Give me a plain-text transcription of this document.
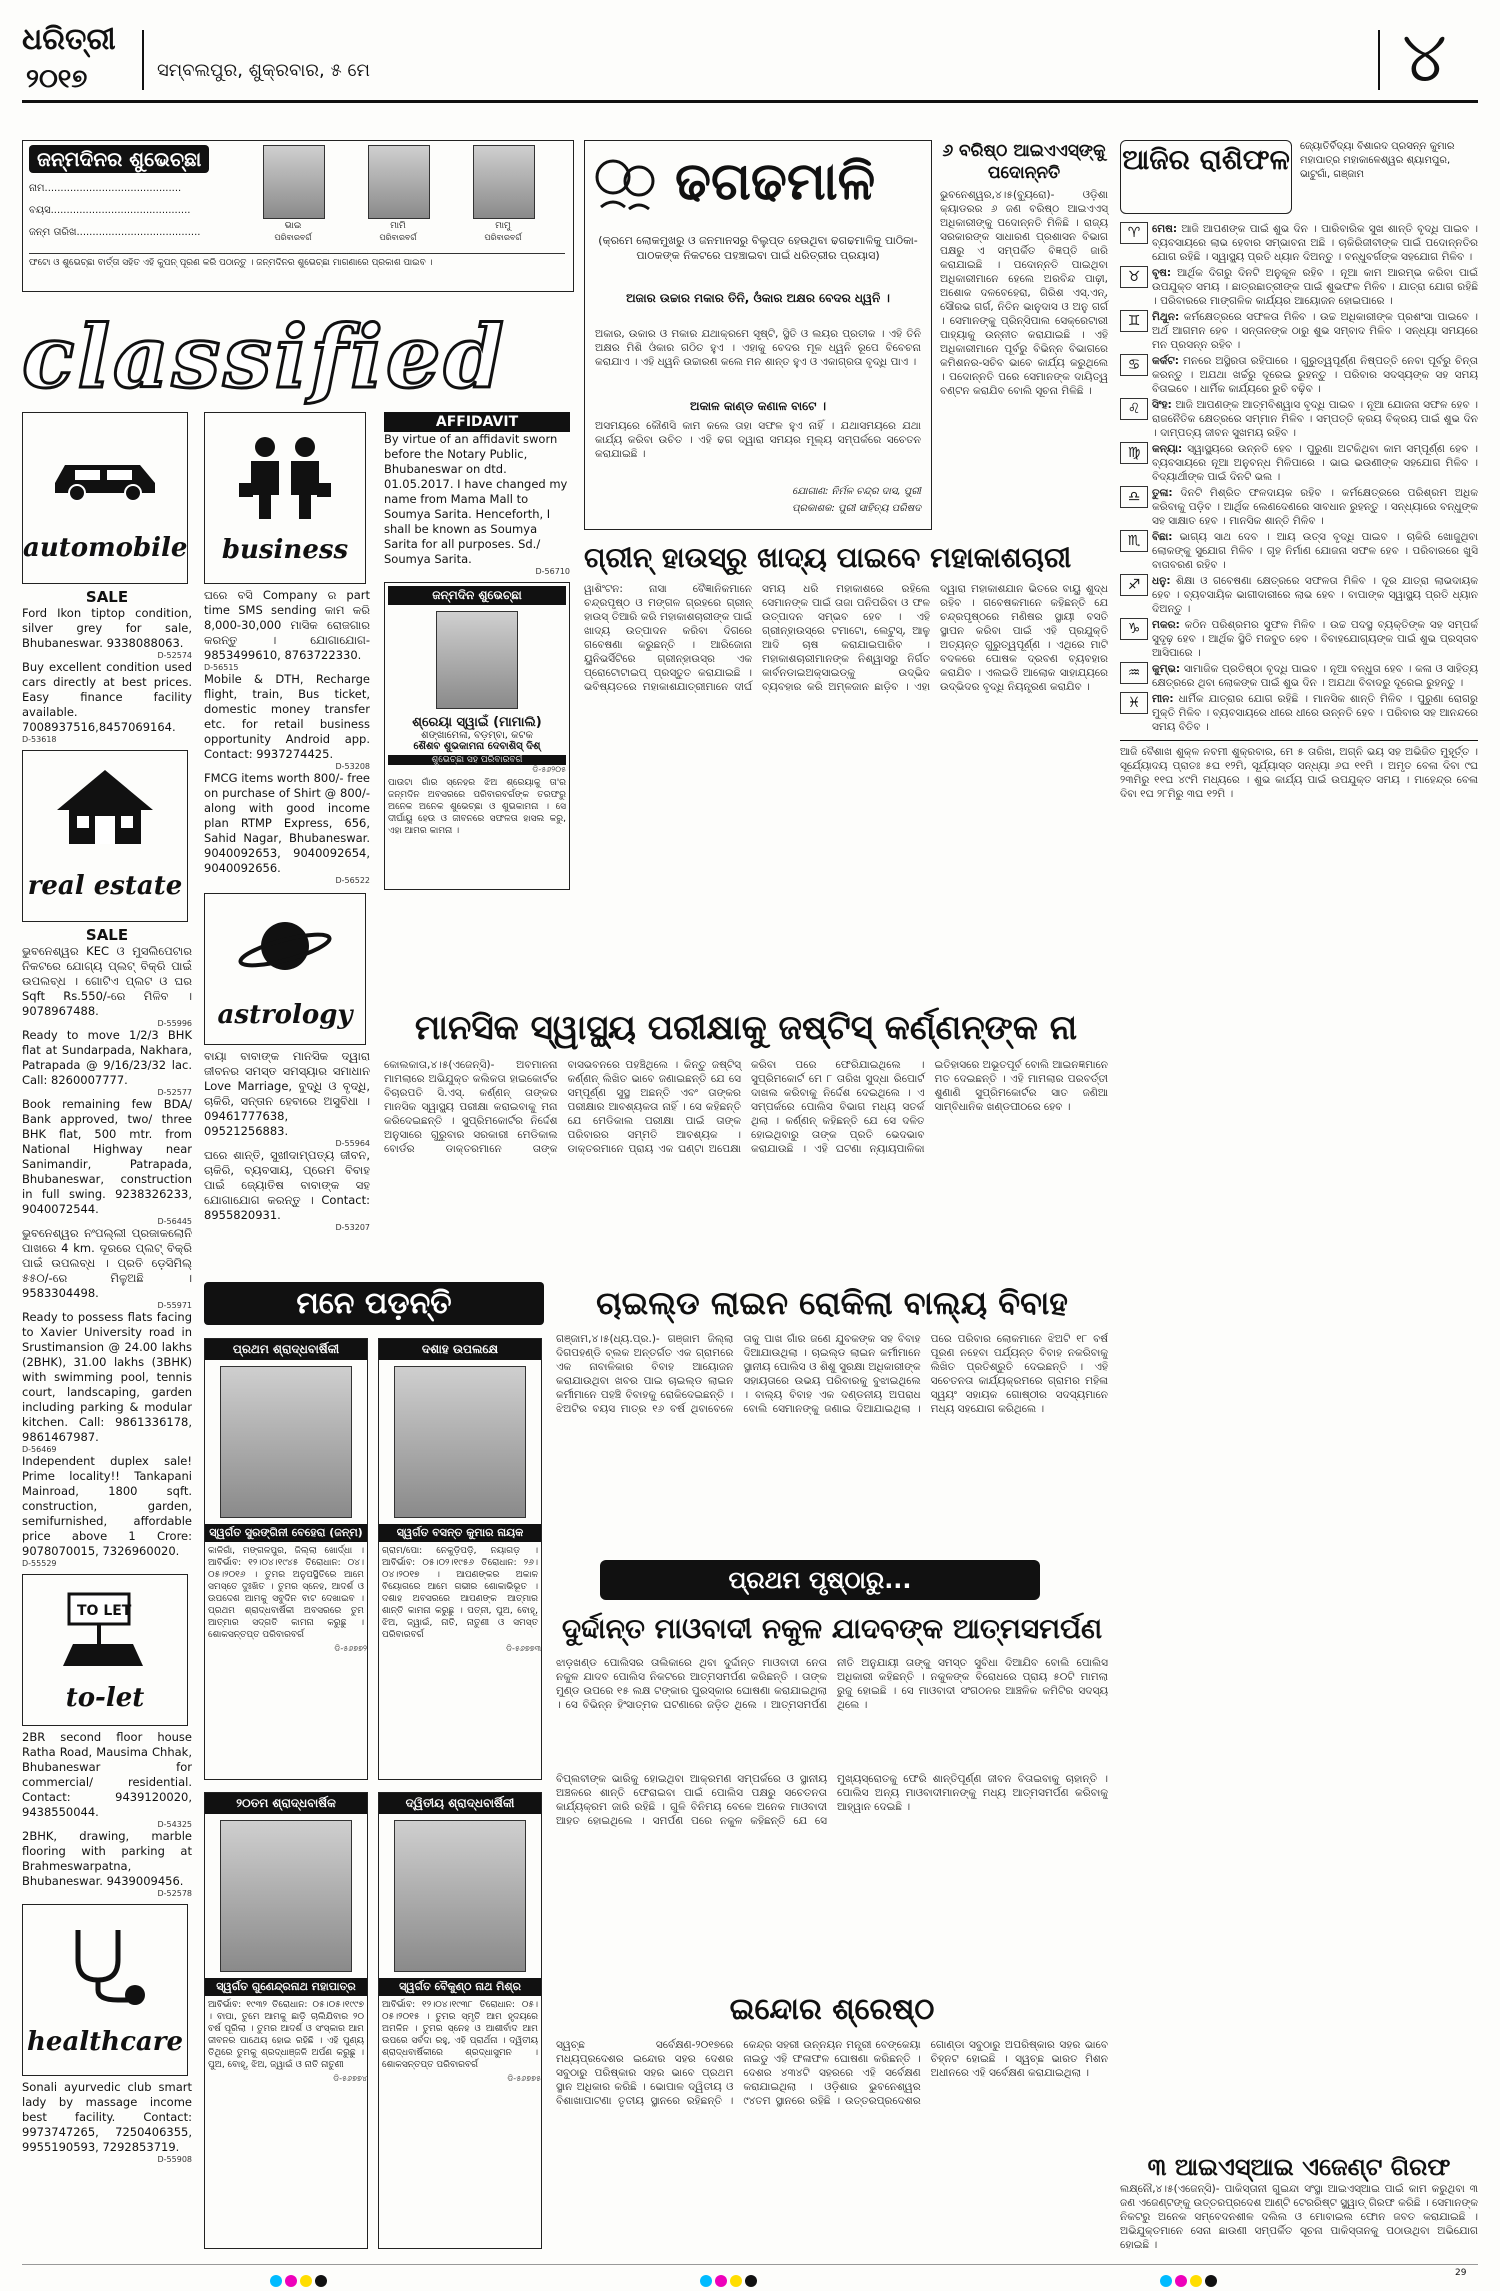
ଧରିତ୍ରୀ
୨୦୧୭	ସମ୍ବଲପୁର, ଶୁକ୍ରବାର, ୫ ମେ	୪
ଜନ୍ମଦିନର ଶୁଭେଚ୍ଛା
ନାମ...........................................
ବୟସ............................................
ଜନ୍ମ ତାରିଖ.......................................
ଭାଇ
ପରିବାରବର୍ଗ
ମାମି
ପରିବାରବର୍ଗ
ମାମୁ
ପରିବାରବର୍ଗ
ଫଟୋ ଓ ଶୁଭେଚ୍ଛା ବାର୍ତ୍ତା ସହିତ ଏହି କୁପନ୍ ପୂରଣ କରି ପଠାନ୍ତୁ । ଜନ୍ମଦିନର ଶୁଭେଚ୍ଛା ମାଗଣାରେ ପ୍ରକାଶ ପାଇବ ।
classified
automobile
SALE
Ford Ikon tiptop condition, silver grey for sale, Bhubaneswar. 9338088063.
D-52574
Buy excellent condition used cars directly at best prices. Easy finance facility available. 7008937516,8457069164.
D-53618
real estate
SALE
ଭୁବନେଶ୍ୱର KEC ଓ ମୁସଲିପେଟାର ନିକଟରେ ଯୋଗ୍ୟ ପ୍ଲଟ୍ ବିକ୍ରି ପାଇଁ ଉପଲବ୍ଧ । ଗୋଟିଏ ପ୍ଲଟ ଓ ଘର Sqft Rs.550/-ରେ ମିଳିବ । 9078967488.
D-55996
Ready to move 1/2/3 BHK flat at Sundarpada, Nakhara, Patrapada @ 9/16/23/32 lac. Call: 8260007777.
D-52577
Book remaining few BDA/ Bank approved, two/ three BHK flat, 500 mtr. from National Highway near Sanimandir, Patrapada, Bhubaneswar, construction in full swing. 9238326233, 9040072544.
D-56445
ଭୁବନେଶ୍ୱର ନଂପଲ୍ଲୀ ପ୍ରଜାକଲୋନି ପାଖରେ 4 km. ଦୂରରେ ପ୍ଲଟ୍ ବିକ୍ରି ପାଇଁ ଉପଲବ୍ଧ । ପ୍ରତି ଡ଼େସିମିଲ୍ ୫୫୦/-ରେ ମିଳୁଅଛି । 9583304498.
D-55971
Ready to possess flats facing to Xavier University road in Srustimansion @ 24.00 lakhs (2BHK), 31.00 lakhs (3BHK) with swimming pool, tennis court, landscaping, garden including parking & modular kitchen. Call: 9861336178, 9861467987.
D-56469
Independent duplex sale! Prime locality!! Tankapani Mainroad, 1800 sqft. construction, garden, semifurnished, affordable price above 1 Crore: 9078070015, 7326960020.
D-55529
TO LET
to-let
2BR second floor house Ratha Road, Mausima Chhak, Bhubaneswar for commercial/ residential. Contact: 9439120020, 9438550044.
D-54325
2BHK, drawing, marble flooring with parking at Brahmeswarpatna, Bhubaneswar. 9439009456.
D-52578
healthcare
Sonali ayurvedic club smart lady by massage income best facility. Contact: 9973747265, 7250406355, 9955190593, 7292853719.
D-55908
business
ଘରେ ବସି Company ର part time SMS sending କାମ କରି 8,000-30,000 ମାସିକ ରୋଜଗାର କରନ୍ତୁ । ଯୋଗାଯୋଗ- 9853499610, 8763722330.
D-56515
Mobile & DTH, Recharge flight, train, Bus ticket, domestic money transfer etc. for retail business opportunity Android app. Contact: 9937274425.
D-53208
FMCG items worth 800/- free on purchase of Shirt @ 800/- along with good income plan RTMP Express, 656, Sahid Nagar, Bhubaneswar. 9040092653, 9040092654, 9040092656.
D-56522
astrology
ବାୟା ବାବାଙ୍କ ମାନସିକ ଦ୍ୱାରା ଜୀବନର ସମସ୍ତ ସମସ୍ୟାର ସମାଧାନ Love Marriage, ବୁଦ୍ଧି ଓ ବୃଦ୍ଧି, ଚାକିରି, ସନ୍ତାନ ହେବାରେ ଅସୁବିଧା । 09461777638, 09521256883.
D-55964
ଘରେ ଶାନ୍ତି, ସୁଖୀଦାମ୍ପତ୍ୟ ଜୀବନ, ଚାକିରି, ବ୍ୟବସାୟ, ପ୍ରେମ ବିବାହ ପାଇଁ ଜ୍ୟୋତିଷ ବାବାଙ୍କ ସହ ଯୋଗାଯୋଗ କରନ୍ତୁ । Contact: 8955820931.
D-53207
AFFIDAVIT
By virtue of an affidavit sworn before the Notary Public, Bhubaneswar on dtd. 01.05.2017. I have changed my name from Mama Mall to Soumya Sarita. Henceforth, I shall be known as Soumya Sarita for all purposes. Sd./ Soumya Sarita.
D-56710
ଜନ୍ମଦିନ ଶୁଭେଚ୍ଛା
ଶ୍ରେୟା ସ୍ୱାଇଁ (ମାମାଲି)
ଶଙ୍ଖାମେଳା, ବଡ଼ମ୍ବା, କଟକ
ଶୈଶବ ଶୁଭକାମନା ଦେବାଶିସ୍ ଦିଶ୍
ଶୁଭେଚ୍ଛା ସହ ପରିବାରବର୍ଗ
ଡି-୫୬୨୦୫
ପାଉଟା ଗାଁର ସ୍ନେହର ଝିଅ ଶ୍ରେୟାକୁ ତା'ର ଜନ୍ମଦିନ ଅବସରରେ ପରିବାରବର୍ଗଙ୍କ ତରଫରୁ ଅନେକ ଅନେକ ଶୁଭେଚ୍ଛା ଓ ଶୁଭକାମନା । ସେ ଦୀର୍ଘାୟୁ ହେଉ ଓ ଜୀବନରେ ସଫଳତା ହାସଲ କରୁ, ଏହା ଆମର କାମନା ।
ଢଗଢମାଳି
(କ୍ରମେ ଲୋକମୁଖରୁ ଓ ଜନମାନସରୁ ବିଲୁପ୍ତ ହେଉଥିବା ଢଗଢମାଳିକୁ ପାଠିକା-ପାଠକଙ୍କ ନିକଟରେ ପହଞ୍ଚାଇବା ପାଇଁ ଧରିତ୍ରୀର ପ୍ରୟାସ)
ଅଜାର ଉଚ୍ଚାର ମକାର ତିନି, ଓଁକାର ଅକ୍ଷର ବେଦର ଧ୍ୱନି ।
ଅକାର, ଉକାର ଓ ମକାର ଯଥାକ୍ରମେ ସୃଷ୍ଟି, ସ୍ଥିତି ଓ ଲୟର ପ୍ରତୀକ । ଏହି ତିନି ଅକ୍ଷର ମିଶି ଓଁକାର ଗଠିତ ହୁଏ । ଏହାକୁ ବେଦର ମୂଳ ଧ୍ୱନି ରୂପେ ବିବେଚନା କରାଯାଏ । ଏହି ଧ୍ୱନି ଉଚ୍ଚାରଣ କଲେ ମନ ଶାନ୍ତ ହୁଏ ଓ ଏକାଗ୍ରତା ବୃଦ୍ଧି ପାଏ ।
ଅକାଳ କାଣ୍ଡ କଣାଳ ବାଟେ ।
ଅସମୟରେ କୌଣସି କାମ କଲେ ତାହା ସଫଳ ହୁଏ ନାହିଁ । ଯଥାସମୟରେ ଯଥା କାର୍ଯ୍ୟ କରିବା ଉଚିତ । ଏହି ଢଗ ଦ୍ୱାରା ସମୟର ମୂଲ୍ୟ ସମ୍ପର୍କରେ ସଚେତନ କରାଯାଇଛି ।
ଯୋଗାଣ: ନିର୍ମଳ ଚନ୍ଦ୍ର ଦାସ, ପୁରୀ
ପ୍ରକାଶକ: ପୁରୀ ସାହିତ୍ୟ ପରିଷଦ
୬ ବରିଷ୍ଠ ଆଇଏଏସ୍‌ଙ୍କୁ ପଦୋନ୍ନତି
ଭୁବନେଶ୍ୱର,୪।୫(ବ୍ୟୁରୋ)- ଓଡ଼ିଶା କ୍ୟାଡରର ୬ ଜଣ ବରିଷ୍ଠ ଆଇଏଏସ୍ ଅଧିକାରୀଙ୍କୁ ପଦୋନ୍ନତି ମିଳିଛି । ରାଜ୍ୟ ସରକାରଙ୍କ ସାଧାରଣ ପ୍ରଶାସନ ବିଭାଗ ପକ୍ଷରୁ ଏ ସମ୍ପର୍କିତ ବିଜ୍ଞପ୍ତି ଜାରି କରାଯାଇଛି । ପଦୋନ୍ନତି ପାଇଥିବା ଅଧିକାରୀମାନେ ହେଲେ ଅରବିନ୍ଦ ପାଢ଼ୀ, ଅଶୋକ ଦଳବେହେରା, ଗିରିଶ ଏସ୍.ଏନ୍, ସୌରଭ ଗର୍ଗ, ନିତିନ ଭାନୁଦାସ ଓ ଅନୁ ଗର୍ଗ । ସେମାନଙ୍କୁ ପ୍ରିନ୍ସିପାଲ ସେକ୍ରେଟାରୀ ପାହ୍ୟାକୁ ଉନ୍ନୀତ କରାଯାଇଛି । ଏହି ଅଧିକାରୀମାନେ ପୂର୍ବରୁ ବିଭିନ୍ନ ବିଭାଗରେ କମିଶନର-ସଚିବ ଭାବେ କାର୍ଯ୍ୟ କରୁଥିଲେ । ପଦୋନ୍ନତି ପରେ ସେମାନଙ୍କ ଦାୟିତ୍ୱ ବଣ୍ଟନ କରାଯିବ ବୋଲି ସୂଚନା ମିଳିଛି ।
ଗ୍ରୀନ୍ ହାଉସ୍‌ରୁ ଖାଦ୍ୟ ପାଇବେ ମହାକାଶଚାରୀ
ୱାଶିଂଟନ: ନାସା ବୈଜ୍ଞାନିକମାନେ ଚନ୍ଦ୍ରପୃଷ୍ଠ ଓ ମଙ୍ଗଳ ଗ୍ରହରେ ଗ୍ରୀନ୍ ହାଉସ୍ ତିଆରି କରି ମହାକାଶଚାରୀଙ୍କ ପାଇଁ ଖାଦ୍ୟ ଉତ୍ପାଦନ କରିବା ଦିଗରେ ଗବେଷଣା କରୁଛନ୍ତି । ଆରିଜୋନା ୟୁନିଭର୍ସିଟିରେ ଗ୍ରୀନ୍‌ହାଉସ୍‌ର ଏକ ପ୍ରୋଟୋଟାଇପ୍ ପ୍ରସ୍ତୁତ କରାଯାଇଛି । ଭବିଷ୍ୟତରେ ମହାକାଶଯାତ୍ରୀମାନେ ଦୀର୍ଘ ସମୟ ଧରି ମହାକାଶରେ ରହିଲେ ସେମାନଙ୍କ ପାଇଁ ତାଜା ପନିପରିବା ଓ ଫଳ ଉତ୍ପାଦନ ସମ୍ଭବ ହେବ । ଏହି ଗ୍ରୀନ୍‌ହାଉସ୍‌ରେ ଟମାଟୋ, ଲେଟୁସ୍, ଆଳୁ ଆଦି ଚାଷ କରାଯାଇପାରିବ । ମହାକାଶଚାରୀମାନଙ୍କ ନିଶ୍ୱାସରୁ ନିର୍ଗତ କାର୍ବନଡାଇଅକ୍ସାଇଡ୍‌କୁ ଉଦ୍ଭିଦ ବ୍ୟବହାର କରି ଅମ୍ଳଜାନ ଛାଡ଼ିବ । ଏହା ଦ୍ୱାରା ମହାକାଶଯାନ ଭିତରେ ବାୟୁ ଶୁଦ୍ଧ ରହିବ । ଗବେଷକମାନେ କହିଛନ୍ତି ଯେ ଚନ୍ଦ୍ରପୃଷ୍ଠରେ ମଣିଷର ସ୍ଥାୟୀ ବସତି ସ୍ଥାପନ କରିବା ପାଇଁ ଏହି ପ୍ରଯୁକ୍ତି ଅତ୍ୟନ୍ତ ଗୁରୁତ୍ୱପୂର୍ଣ୍ଣ । ଏଥିରେ ମାଟି ବଦଳରେ ପୋଷକ ଦ୍ରବଣ ବ୍ୟବହାର କରାଯିବ । ଏଲଇଡି ଆଲୋକ ସାହାଯ୍ୟରେ ଉଦ୍ଭିଦର ବୃଦ୍ଧି ନିୟନ୍ତ୍ରଣ କରାଯିବ ।
ମାନସିକ ସ୍ୱାସ୍ଥ୍ୟ ପରୀକ୍ଷାକୁ ଜଷ୍ଟିସ୍ କର୍ଣ୍ଣନ୍‌ଙ୍କ ନା
କୋଲକାତା,୪।୫(ଏଜେନ୍ସି)- ଅବମାନନା ମାମଲାରେ ଅଭିଯୁକ୍ତ କଲିକତା ହାଇକୋର୍ଟର ବିଚାରପତି ସି.ଏସ୍. କର୍ଣ୍ଣନ୍ ତାଙ୍କର ମାନସିକ ସ୍ୱାସ୍ଥ୍ୟ ପରୀକ୍ଷା କରାଇବାକୁ ମନା କରିଦେଇଛନ୍ତି । ସୁପ୍ରିମକୋର୍ଟର ନିର୍ଦ୍ଦେଶ ଅନୁସାରେ ଗୁରୁବାର ସରକାରୀ ମେଡିକାଲ ବୋର୍ଡର ଡାକ୍ତରମାନେ ତାଙ୍କ ବାସଭବନରେ ପହଞ୍ଚିଥିଲେ । କିନ୍ତୁ ଜଷ୍ଟିସ୍ କର୍ଣ୍ଣନ୍ ଲିଖିତ ଭାବେ ଜଣାଇଛନ୍ତି ଯେ ସେ ସମ୍ପୂର୍ଣ୍ଣ ସୁସ୍ଥ ଅଛନ୍ତି ଏବଂ ତାଙ୍କର ପରୀକ୍ଷାର ଆବଶ୍ୟକତା ନାହିଁ । ସେ କହିଛନ୍ତି ଯେ ମେଡିକାଲ ପରୀକ୍ଷା ପାଇଁ ତାଙ୍କ ପରିବାରର ସମ୍ମତି ଆବଶ୍ୟକ । ଡାକ୍ତରମାନେ ପ୍ରାୟ ଏକ ଘଣ୍ଟା ଅପେକ୍ଷା କରିବା ପରେ ଫେରିଯାଇଥିଲେ । ସୁପ୍ରିମକୋର୍ଟ ମେ ୮ ତାରିଖ ସୁଦ୍ଧା ରିପୋର୍ଟ ଦାଖଲ କରିବାକୁ ନିର୍ଦ୍ଦେଶ ଦେଇଥିଲେ । ଏ ସମ୍ପର୍କରେ ପୋଲିସ ବିଭାଗ ମଧ୍ୟ ସତର୍କ ଥିଲା । କର୍ଣ୍ଣନ୍ କହିଛନ୍ତି ଯେ ସେ ଦଳିତ ହୋଇଥିବାରୁ ତାଙ୍କ ପ୍ରତି ଭେଦଭାବ କରାଯାଉଛି । ଏହି ଘଟଣା ନ୍ୟାୟପାଳିକା ଇତିହାସରେ ଅଭୂତପୂର୍ବ ବୋଲି ଆଇନଜ୍ଞମାନେ ମତ ଦେଇଛନ୍ତି । ଏହି ମାମଲାର ପରବର୍ତ୍ତୀ ଶୁଣାଣି ସୁପ୍ରିମକୋର୍ଟର ସାତ ଜଣିଆ ସାମ୍ବିଧାନିକ ଖଣ୍ଡପୀଠରେ ହେବ ।
ମନେ ପଡ଼ନ୍ତି
ପ୍ରଥମ ଶ୍ରାଦ୍ଧବାର୍ଷିକୀ
ସ୍ୱର୍ଗତ ସୁରଙ୍ଗିନୀ ବେହେରା (ଜନ୍ମ)
କାଳିଗାଁ, ମଙ୍ଗଳପୁର, ଜିଲ୍ଲା ଖୋର୍ଦ୍ଧା । ଆବିର୍ଭାବ: ୧୨।୦୪।୧୯୪୫ ତିରୋଧାନ: ୦୪।୦୫।୨୦୧୬ । ତୁମର ଅନୁପସ୍ଥିତିରେ ଆମେ ସମସ୍ତେ ଦୁଃଖିତ । ତୁମର ସ୍ନେହ, ଆଦର୍ଶ ଓ ଉପଦେଶ ଆମକୁ ସବୁଦିନ ବାଟ ଦେଖାଇବ । ପ୍ରଥମ ଶ୍ରାଦ୍ଧବାର୍ଷିକୀ ଅବସରରେ ତୁମ ଆତ୍ମାର ସଦ୍‌ଗତି କାମନା କରୁଛୁ । ଶୋକସନ୍ତପ୍ତ ପରିବାରବର୍ଗ
ଡି-୫୬୭୭୨
ଦଶାହ ଉପଲକ୍ଷେ
ସ୍ୱର୍ଗତ ବସନ୍ତ କୁମାର ନାୟକ
ଗ୍ରାମ/ପୋ: ନେକୁଡ଼ିପଡ଼ି, ନୟାଗଡ଼ । ଆବିର୍ଭାବ: ୦୫।୦୨।୧୯୫୬ ତିରୋଧାନ: ୨୬।୦୪।୨୦୧୭ । ଆପଣଙ୍କର ଅକାଳ ବିୟୋଗରେ ଆମେ ଗଭୀର ଶୋକାଭିଭୂତ । ଦଶାହ ଅବସରରେ ଆପଣଙ୍କ ଆତ୍ମାର ଶାନ୍ତି କାମନା କରୁଛୁ । ପତ୍ନୀ, ପୁଅ, ବୋହୂ, ଝିଅ, ଜ୍ୱାଇଁ, ନାତି, ନାତୁଣୀ ଓ ସମସ୍ତ ପରିବାରବର୍ଗ
ଡି-୫୬୭୭୩
୨୦ତମ ଶ୍ରାଦ୍ଧବାର୍ଷିକ
ସ୍ୱର୍ଗତ ଗୁଣେନ୍ଦ୍ରନାଥ ମହାପାତ୍ର
ଆବିର୍ଭାବ: ୧୯୩୨ ତିରୋଧାନ: ୦୫।୦୫।୧୯୯୭ । ବାପା, ତୁମେ ଆମକୁ ଛାଡ଼ି ଚାଲିଯିବାର ୨୦ ବର୍ଷ ପୂରିଲା । ତୁମର ଆଦର୍ଶ ଓ ସଂସ୍କାର ଆମ ଜୀବନର ପାଥେୟ ହୋଇ ରହିଛି । ଏହି ପୁଣ୍ୟ ତିଥିରେ ତୁମକୁ ଶ୍ରଦ୍ଧାଞ୍ଜଳି ଅର୍ପଣ କରୁଛୁ । ପୁଅ, ବୋହୂ, ଝିଅ, ଜ୍ୱାଇଁ ଓ ନାତି ନାତୁଣୀ
ଡି-୫୬୭୭୪
ଦ୍ୱିତୀୟ ଶ୍ରାଦ୍ଧବାର୍ଷିକୀ
ସ୍ୱର୍ଗତ ବୈକୁଣ୍ଠ ନାଥ ମିଶ୍ର
ଆବିର୍ଭାବ: ୧୨।୦୪।୧୯୩୮ ତିରୋଧାନ: ୦୫।୦୫।୨୦୧୫ । ତୁମର ସ୍ମୃତି ଆମ ହୃଦୟରେ ଅମଳିନ । ତୁମର ସ୍ନେହ ଓ ଆଶୀର୍ବାଦ ଆମ ଉପରେ ସର୍ବଦା ରହୁ, ଏହି ପ୍ରାର୍ଥନା । ଦ୍ୱିତୀୟ ଶ୍ରାଦ୍ଧବାର୍ଷିକୀରେ ଶ୍ରଦ୍ଧାସୁମନ । ଶୋକସନ୍ତପ୍ତ ପରିବାରବର୍ଗ
ଡି-୫୬୭୭୫
ଚାଇଲ୍ଡ ଲାଇନ ରୋକିଲା ବାଲ୍ୟ ବିବାହ
ଗଞ୍ଜାମ,୪।୫(ଧ୍ୟ.ପ୍ର.)- ଗଞ୍ଜାମ ଜିଲ୍ଲା ଦିଗପହଣ୍ଡି ବ୍ଲକ ଅନ୍ତର୍ଗତ ଏକ ଗ୍ରାମରେ ଏକ ନାବାଳିକାର ବିବାହ ଆୟୋଜନ କରାଯାଉଥିବା ଖବର ପାଇ ଚାଇଲ୍ଡ ଲାଇନ କର୍ମୀମାନେ ପହଞ୍ଚି ବିବାହକୁ ରୋକିଦେଇଛନ୍ତି । ଝିଅଟିର ବୟସ ମାତ୍ର ୧୬ ବର୍ଷ ଥିବାବେଳେ ତାକୁ ପାଖ ଗାଁର ଜଣେ ଯୁବକଙ୍କ ସହ ବିବାହ ଦିଆଯାଉଥିଲା । ଚାଇଲ୍ଡ ଲାଇନ କର୍ମୀମାନେ ସ୍ଥାନୀୟ ପୋଲିସ ଓ ଶିଶୁ ସୁରକ୍ଷା ଅଧିକାରୀଙ୍କ ସହାୟତାରେ ଉଭୟ ପରିବାରକୁ ବୁଝାଇଥିଲେ । ବାଲ୍ୟ ବିବାହ ଏକ ଦଣ୍ଡନୀୟ ଅପରାଧ ବୋଲି ସେମାନଙ୍କୁ ଜଣାଇ ଦିଆଯାଇଥିଲା । ପରେ ପରିବାର ଲୋକମାନେ ଝିଅଟି ୧୮ ବର୍ଷ ପୂରଣ ନହେବା ପର୍ଯ୍ୟନ୍ତ ବିବାହ ନକରିବାକୁ ଲିଖିତ ପ୍ରତିଶ୍ରୁତି ଦେଇଛନ୍ତି । ଏହି ସଚେତନତା କାର୍ଯ୍ୟକ୍ରମରେ ଗ୍ରାମର ମହିଳା ସ୍ୱୟଂ ସହାୟକ ଗୋଷ୍ଠୀର ସଦସ୍ୟମାନେ ମଧ୍ୟ ସହଯୋଗ କରିଥିଲେ ।
ପ୍ରଥମ ପୃଷ୍ଠାରୁ...
ଦୁର୍ଦ୍ଦାନ୍ତ ମାଓବାଦୀ ନକୁଳ ଯାଦବଙ୍କ ଆତ୍ମସମର୍ପଣ
ଝାଡ଼ଖଣ୍ଡ ପୋଲିସର ତାଲିକାରେ ଥିବା ଦୁର୍ଦ୍ଦାନ୍ତ ମାଓବାଦୀ ନେତା ନକୁଳ ଯାଦବ ପୋଲିସ ନିକଟରେ ଆତ୍ମସମର୍ପଣ କରିଛନ୍ତି । ତାଙ୍କ ମୁଣ୍ଡ ଉପରେ ୧୫ ଲକ୍ଷ ଟଙ୍କାର ପୁରସ୍କାର ଘୋଷଣା କରାଯାଇଥିଲା । ସେ ବିଭିନ୍ନ ହିଂସାତ୍ମକ ଘଟଣାରେ ଜଡ଼ିତ ଥିଲେ । ଆତ୍ମସମର୍ପଣ ନୀତି ଅନୁଯାୟୀ ତାଙ୍କୁ ସମସ୍ତ ସୁବିଧା ଦିଆଯିବ ବୋଲି ପୋଲିସ ଅଧିକାରୀ କହିଛନ୍ତି । ନକୁଳଙ୍କ ବିରୋଧରେ ପ୍ରାୟ ୫୦ଟି ମାମଲା ରୁଜୁ ହୋଇଛି । ସେ ମାଓବାଦୀ ସଂଗଠନର ଆଞ୍ଚଳିକ କମିଟିର ସଦସ୍ୟ ଥିଲେ ।
ବିପ୍ଲବୀଙ୍କ ଭାରିକୁ ହୋଇଥିବା ଆକ୍ରମଣ ସମ୍ପର୍କରେ ଓ ସ୍ଥାନୀୟ ଅଞ୍ଚଳରେ ଶାନ୍ତି ଫେରାଇବା ପାଇଁ ପୋଲିସ ପକ୍ଷରୁ ସଚେତନତା କାର୍ଯ୍ୟକ୍ରମ ଜାରି ରହିଛି । ଗୁଳି ବିନିମୟ ବେଳେ ଅନେକ ମାଓବାଦୀ ଆହତ ହୋଇଥିଲେ । ସମର୍ପଣ ପରେ ନକୁଳ କହିଛନ୍ତି ଯେ ସେ ମୁଖ୍ୟସ୍ରୋତକୁ ଫେରି ଶାନ୍ତିପୂର୍ଣ୍ଣ ଜୀବନ ବିତାଇବାକୁ ଚାହାନ୍ତି । ପୋଲିସ ଅନ୍ୟ ମାଓବାଦୀମାନଙ୍କୁ ମଧ୍ୟ ଆତ୍ମସମର୍ପଣ କରିବାକୁ ଆହ୍ୱାନ ଦେଇଛି ।
ଇନ୍ଦୋର ଶ୍ରେଷ୍ଠ
ସ୍ୱଚ୍ଛ ସର୍ବେକ୍ଷଣ-୨୦୧୭ରେ ମଧ୍ୟପ୍ରଦେଶର ଇନ୍ଦୋର ସହର ଦେଶର ସବୁଠାରୁ ପରିଷ୍କାର ସହର ଭାବେ ପ୍ରଥମ ସ୍ଥାନ ଅଧିକାର କରିଛି । ଭୋପାଳ ଦ୍ୱିତୀୟ ଓ ବିଶାଖାପାଟଣା ତୃତୀୟ ସ୍ଥାନରେ ରହିଛନ୍ତି । କେନ୍ଦ୍ର ସହରୀ ଉନ୍ନୟନ ମନ୍ତ୍ରୀ ବେଙ୍କେୟା ନାଇଡୁ ଏହି ଫଳାଫଳ ଘୋଷଣା କରିଛନ୍ତି । ଦେଶର ୪୩୪ଟି ସହରରେ ଏହି ସର୍ବେକ୍ଷଣ କରାଯାଇଥିଲା । ଓଡ଼ିଶାର ଭୁବନେଶ୍ୱର ୯୪ତମ ସ୍ଥାନରେ ରହିଛି । ଉତ୍ତରପ୍ରଦେଶର ଗୋଣ୍ଡା ସବୁଠାରୁ ଅପରିଷ୍କାର ସହର ଭାବେ ଚିହ୍ନଟ ହୋଇଛି । ସ୍ୱଚ୍ଛ ଭାରତ ମିଶନ ଅଧୀନରେ ଏହି ସର୍ବେକ୍ଷଣ କରାଯାଇଥିଲା ।
ଆଜିର ରାଶିଫଳ ଜ୍ୟୋତିର୍ବିଦ୍ୟା ବିଶାରଦ ପ୍ରସନ୍ନ କୁମାର ମହାପାତ୍ର ମହାକାଳେଶ୍ୱର ଶ୍ୟାମପୁର, ଭାଟୁଗାଁ, ଗଞ୍ଜାମ
♈	ମେଷ: ଆଜି ଆପଣଙ୍କ ପାଇଁ ଶୁଭ ଦିନ । ପାରିବାରିକ ସୁଖ ଶାନ୍ତି ବୃଦ୍ଧି ପାଇବ । ବ୍ୟବସାୟରେ ଲାଭ ହେବାର ସମ୍ଭାବନା ଅଛି । ଚାକିରିଜୀବୀଙ୍କ ପାଇଁ ପଦୋନ୍ନତିର ଯୋଗ ରହିଛି । ସ୍ୱାସ୍ଥ୍ୟ ପ୍ରତି ଧ୍ୟାନ ଦିଅନ୍ତୁ । ବନ୍ଧୁବର୍ଗଙ୍କ ସହଯୋଗ ମିଳିବ ।
♉	ବୃଷ: ଆର୍ଥିକ ଦିଗରୁ ଦିନଟି ଅନୁକୂଳ ରହିବ । ନୂଆ କାମ ଆରମ୍ଭ କରିବା ପାଇଁ ଉପଯୁକ୍ତ ସମୟ । ଛାତ୍ରଛାତ୍ରୀଙ୍କ ପାଇଁ ଶୁଭଫଳ ମିଳିବ । ଯାତ୍ରା ଯୋଗ ରହିଛି । ପରିବାରରେ ମାଙ୍ଗଳିକ କାର୍ଯ୍ୟର ଆୟୋଜନ ହୋଇପାରେ ।
♊	ମିଥୁନ: କର୍ମକ୍ଷେତ୍ରରେ ସଫଳତା ମିଳିବ । ଉଚ୍ଚ ଅଧିକାରୀଙ୍କ ପ୍ରଶଂସା ପାଇବେ । ଅର୍ଥ ଆଗମନ ହେବ । ସନ୍ତାନଙ୍କ ଠାରୁ ଶୁଭ ସମ୍ବାଦ ମିଳିବ । ସନ୍ଧ୍ୟା ସମୟରେ ମନ ପ୍ରସନ୍ନ ରହିବ ।
♋	କର୍କଟ: ମନରେ ଅସ୍ଥିରତା ରହିପାରେ । ଗୁରୁତ୍ୱପୂର୍ଣ୍ଣ ନିଷ୍ପତ୍ତି ନେବା ପୂର୍ବରୁ ଚିନ୍ତା କରନ୍ତୁ । ଅଯଥା ଖର୍ଚ୍ଚରୁ ଦୂରେଇ ରୁହନ୍ତୁ । ପରିବାର ସଦସ୍ୟଙ୍କ ସହ ସମୟ ବିତାଇବେ । ଧାର୍ମିକ କାର୍ଯ୍ୟରେ ରୁଚି ବଢ଼ିବ ।
♌	ସିଂହ: ଆଜି ଆପଣଙ୍କ ଆତ୍ମବିଶ୍ୱାସ ବୃଦ୍ଧି ପାଇବ । ନୂଆ ଯୋଜନା ସଫଳ ହେବ । ରାଜନୈତିକ କ୍ଷେତ୍ରରେ ସମ୍ମାନ ମିଳିବ । ସମ୍ପତ୍ତି କ୍ରୟ ବିକ୍ରୟ ପାଇଁ ଶୁଭ ଦିନ । ଦାମ୍ପତ୍ୟ ଜୀବନ ସୁଖମୟ ରହିବ ।
♍	କନ୍ୟା: ସ୍ୱାସ୍ଥ୍ୟରେ ଉନ୍ନତି ହେବ । ପୁରୁଣା ଅଟକିଥିବା କାମ ସମ୍ପୂର୍ଣ୍ଣ ହେବ । ବ୍ୟବସାୟରେ ନୂଆ ଅନୁବନ୍ଧ ମିଳିପାରେ । ଭାଇ ଭଉଣୀଙ୍କ ସହଯୋଗ ମିଳିବ । ବିଦ୍ୟାର୍ଥୀଙ୍କ ପାଇଁ ଦିନଟି ଭଲ ।
♎	ତୁଳା: ଦିନଟି ମିଶ୍ରିତ ଫଳଦାୟକ ରହିବ । କର୍ମକ୍ଷେତ୍ରରେ ପରିଶ୍ରମ ଅଧିକ କରିବାକୁ ପଡ଼ିବ । ଆର୍ଥିକ ଲେଣଦେଣରେ ସାବଧାନ ରୁହନ୍ତୁ । ସନ୍ଧ୍ୟାରେ ବନ୍ଧୁଙ୍କ ସହ ସାକ୍ଷାତ ହେବ । ମାନସିକ ଶାନ୍ତି ମିଳିବ ।
♏	ବିଛା: ଭାଗ୍ୟ ସାଥ ଦେବ । ଆୟ ଉତ୍ସ ବୃଦ୍ଧି ପାଇବ । ଚାକିରି ଖୋଜୁଥିବା ଲୋକଙ୍କୁ ସୁଯୋଗ ମିଳିବ । ଗୃହ ନିର୍ମାଣ ଯୋଜନା ସଫଳ ହେବ । ପରିବାରରେ ଖୁସି ବାତାବରଣ ରହିବ ।
♐	ଧନୁ: ଶିକ୍ଷା ଓ ଗବେଷଣା କ୍ଷେତ୍ରରେ ସଫଳତା ମିଳିବ । ଦୂର ଯାତ୍ରା ଲାଭଦାୟକ ହେବ । ବ୍ୟବସାୟିକ ଭାଗୀଦାରୀରେ ଲାଭ ହେବ । ବାପାଙ୍କ ସ୍ୱାସ୍ଥ୍ୟ ପ୍ରତି ଧ୍ୟାନ ଦିଅନ୍ତୁ ।
♑	ମକର: କଠିନ ପରିଶ୍ରମର ସୁଫଳ ମିଳିବ । ଉଚ୍ଚ ପଦସ୍ଥ ବ୍ୟକ୍ତିଙ୍କ ସହ ସମ୍ପର୍କ ସୁଦୃଢ଼ ହେବ । ଆର୍ଥିକ ସ୍ଥିତି ମଜବୁତ ହେବ । ବିବାହଯୋଗ୍ୟଙ୍କ ପାଇଁ ଶୁଭ ପ୍ରସ୍ତାବ ଆସିପାରେ ।
♒	କୁମ୍ଭ: ସାମାଜିକ ପ୍ରତିଷ୍ଠା ବୃଦ୍ଧି ପାଇବ । ନୂଆ ବନ୍ଧୁତା ହେବ । କଳା ଓ ସାହିତ୍ୟ କ୍ଷେତ୍ରରେ ଥିବା ଲୋକଙ୍କ ପାଇଁ ଶୁଭ ଦିନ । ଅଯଥା ବିବାଦରୁ ଦୂରେଇ ରୁହନ୍ତୁ ।
♓	ମୀନ: ଧାର୍ମିକ ଯାତ୍ରାର ଯୋଗ ରହିଛି । ମାନସିକ ଶାନ୍ତି ମିଳିବ । ପୁରୁଣା ରୋଗରୁ ମୁକ୍ତି ମିଳିବ । ବ୍ୟବସାୟରେ ଧୀରେ ଧୀରେ ଉନ୍ନତି ହେବ । ପରିବାର ସହ ଆନନ୍ଦରେ ସମୟ ବିତିବ ।
ଆଜି ବୈଶାଖ ଶୁକ୍ଳ ନବମୀ ଶୁକ୍ରବାର, ମେ ୫ ତାରିଖ, ଅଗ୍ନି ଭୟ ସହ ଅଭିଜିତ ମୁହୂର୍ତ୍ତ । ସୂର୍ଯ୍ୟୋଦୟ ପ୍ରାତଃ ୫ଘ ୧୨ମି, ସୂର୍ଯ୍ୟାସ୍ତ ସନ୍ଧ୍ୟା ୬ଘ ୧୧ମି । ଅମୃତ ବେଳା ଦିବା ୯ଘ ୨୩ମିରୁ ୧୧ଘ ୪୯ମି ମଧ୍ୟରେ । ଶୁଭ କାର୍ଯ୍ୟ ପାଇଁ ଉପଯୁକ୍ତ ସମୟ । ମାହେନ୍ଦ୍ର ବେଳା ଦିବା ୧ଘ ୨୮ମିରୁ ୩ଘ ୧୨ମି ।
୩ ଆଇଏସ୍‌ଆଇ ଏଜେଣ୍ଟ ଗିରଫ
ଲକ୍ଷ୍ନୌ,୪।୫(ଏଜେନ୍ସି)- ପାକିସ୍ତାନୀ ଗୁଇନ୍ଦା ସଂସ୍ଥା ଆଇଏସ୍‌ଆଇ ପାଇଁ କାମ କରୁଥିବା ୩ ଜଣ ଏଜେଣ୍ଟଙ୍କୁ ଉତ୍ତରପ୍ରଦେଶ ଆଣ୍ଟି ଟେରରିଷ୍ଟ ସ୍କ୍ୱାଡ୍ ଗିରଫ କରିଛି । ସେମାନଙ୍କ ନିକଟରୁ ଅନେକ ସମ୍ବେଦନଶୀଳ ଦଲିଲ ଓ ମୋବାଇଲ ଫୋନ ଜବତ କରାଯାଇଛି । ଅଭିଯୁକ୍ତମାନେ ସେନା ଛାଉଣୀ ସମ୍ପର୍କିତ ସୂଚନା ପାକିସ୍ତାନକୁ ପଠାଉଥିବା ଅଭିଯୋଗ ହୋଇଛି ।
29
